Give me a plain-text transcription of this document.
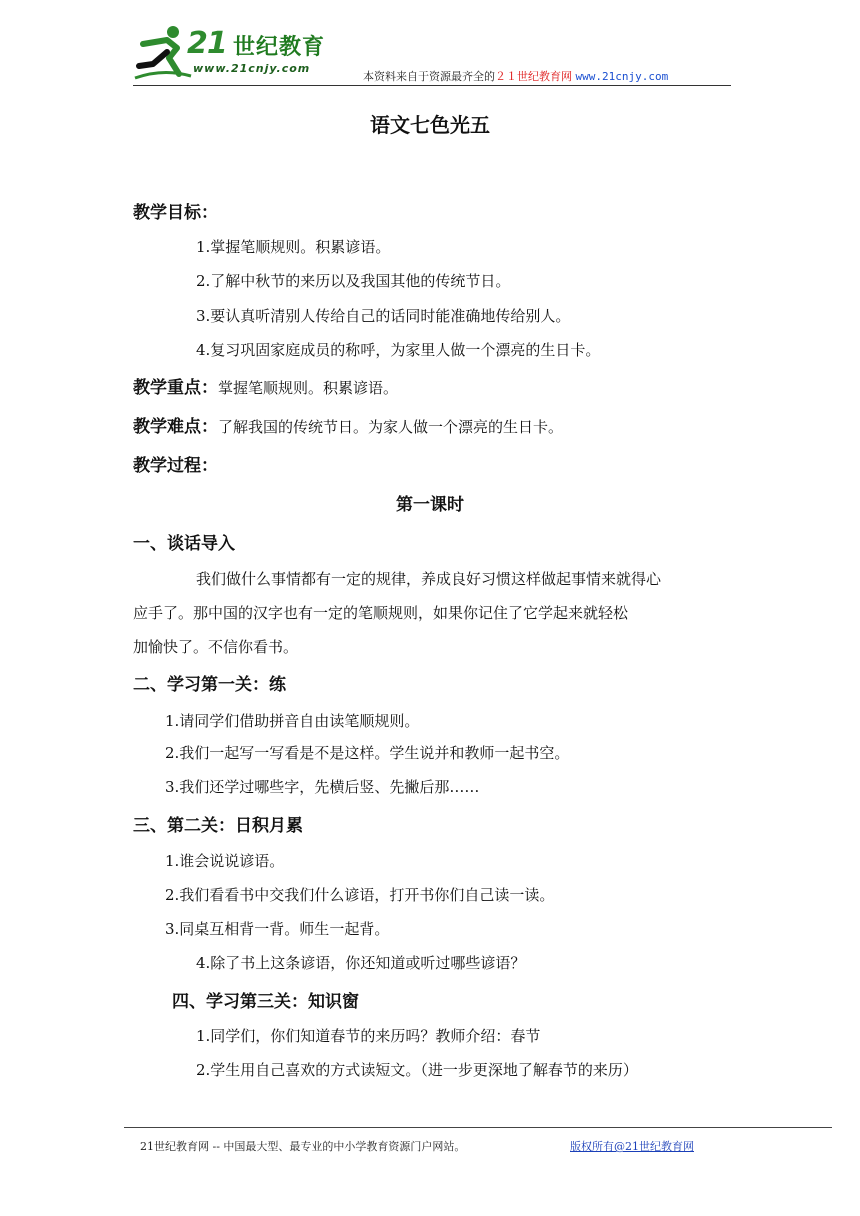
21 世纪教育
www.21cnjy.com
本资料来自于资源最齐全的２１世纪教育网 www.21cnjy.com
语文七色光五
教学目标：
1.掌握笔顺规则。积累谚语。
2.了解中秋节的来历以及我国其他的传统节日。
3.要认真听清别人传给自己的话同时能准确地传给别人。
4.复习巩固家庭成员的称呼，为家里人做一个漂亮的生日卡。
教学重点：掌握笔顺规则。积累谚语。
教学难点：了解我国的传统节日。为家人做一个漂亮的生日卡。
教学过程：
第一课时
一、谈话导入
我们做什么事情都有一定的规律，养成良好习惯这样做起事情来就得心
应手了。那中国的汉字也有一定的笔顺规则，如果你记住了它学起来就轻松
加愉快了。不信你看书。
二、学习第一关：练
1.请同学们借助拼音自由读笔顺规则。
2.我们一起写一写看是不是这样。学生说并和教师一起书空。
3.我们还学过哪些字，先横后竖、先撇后那……
三、第二关：日积月累
1.谁会说说谚语。
2.我们看看书中交我们什么谚语，打开书你们自己读一读。
3.同桌互相背一背。师生一起背。
4.除了书上这条谚语，你还知道或听过哪些谚语？
四、学习第三关：知识窗
1.同学们，你们知道春节的来历吗？教师介绍：春节
2.学生用自己喜欢的方式读短文。（进一步更深地了解春节的来历）
21世纪教育网 -- 中国最大型、最专业的中小学教育资源门户网站。	版权所有@21世纪教育网
